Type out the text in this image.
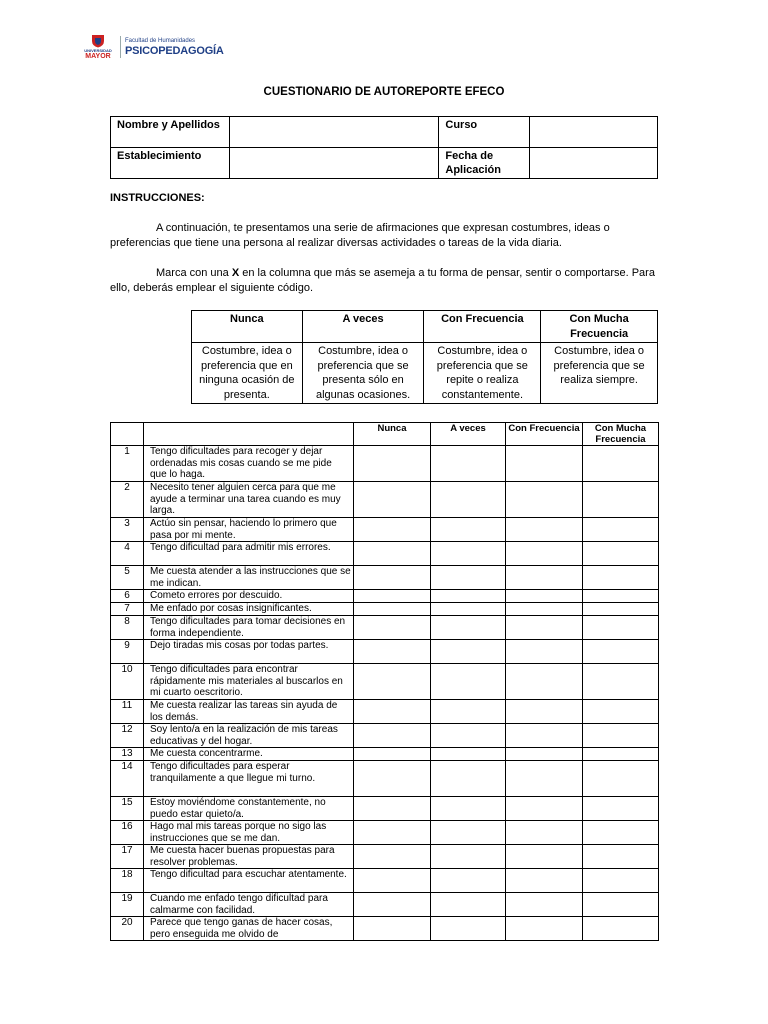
UNIVERSIDAD
MAYOR
Facultad de Humanidades
PSICOPEDAGOGÍA
CUESTIONARIO DE AUTOREPORTE EFECO
Nombre y Apellidos		Curso	
Establecimiento		Fecha de Aplicación	
INSTRUCCIONES:
A continuación, te presentamos una serie de afirmaciones que expresan costumbres, ideas o preferencias que tiene una persona al realizar diversas actividades o tareas de la vida diaria.
Marca con una X en la columna que más se asemeja a tu forma de pensar, sentir o comportarse. Para ello, deberás emplear el siguiente código.
Nunca	A veces	Con Frecuencia	Con Mucha Frecuencia
Costumbre, idea o preferencia que en ninguna ocasión de presenta.	Costumbre, idea o preferencia que se presenta sólo en algunas ocasiones.	Costumbre, idea o preferencia que se repite o realiza constantemente.	Costumbre, idea o preferencia que se realiza siempre.
		Nunca	A veces	Con Frecuencia	Con Mucha Frecuencia
1	Tengo dificultades para recoger y dejar ordenadas mis cosas cuando se me pide que lo haga.				
2	Necesito tener alguien cerca para que me ayude a terminar una tarea cuando es muy larga.				
3	Actúo sin pensar, haciendo lo primero que pasa por mi mente.				
4	Tengo dificultad para admitir mis errores.				
5	Me cuesta atender a las instrucciones que se me indican.				
6	Cometo errores por descuido.				
7	Me enfado por cosas insignificantes.				
8	Tengo dificultades para tomar decisiones en forma independiente.				
9	Dejo tiradas mis cosas por todas partes.				
10	Tengo dificultades para encontrar rápidamente mis materiales al buscarlos en mi cuarto oescritorio.				
11	Me cuesta realizar las tareas sin ayuda de los demás.				
12	Soy lento/a en la realización de mis tareas educativas y del hogar.				
13	Me cuesta concentrarme.				
14	Tengo dificultades para esperar tranquilamente a que llegue mi turno.				
15	Estoy moviéndome constantemente, no puedo estar quieto/a.				
16	Hago mal mis tareas porque no sigo las instrucciones que se me dan.				
17	Me cuesta hacer buenas propuestas para resolver problemas.				
18	Tengo dificultad para escuchar atentamente.				
19	Cuando me enfado tengo dificultad para calmarme con facilidad.				
20	Parece que tengo ganas de hacer cosas, pero enseguida me olvido de				
